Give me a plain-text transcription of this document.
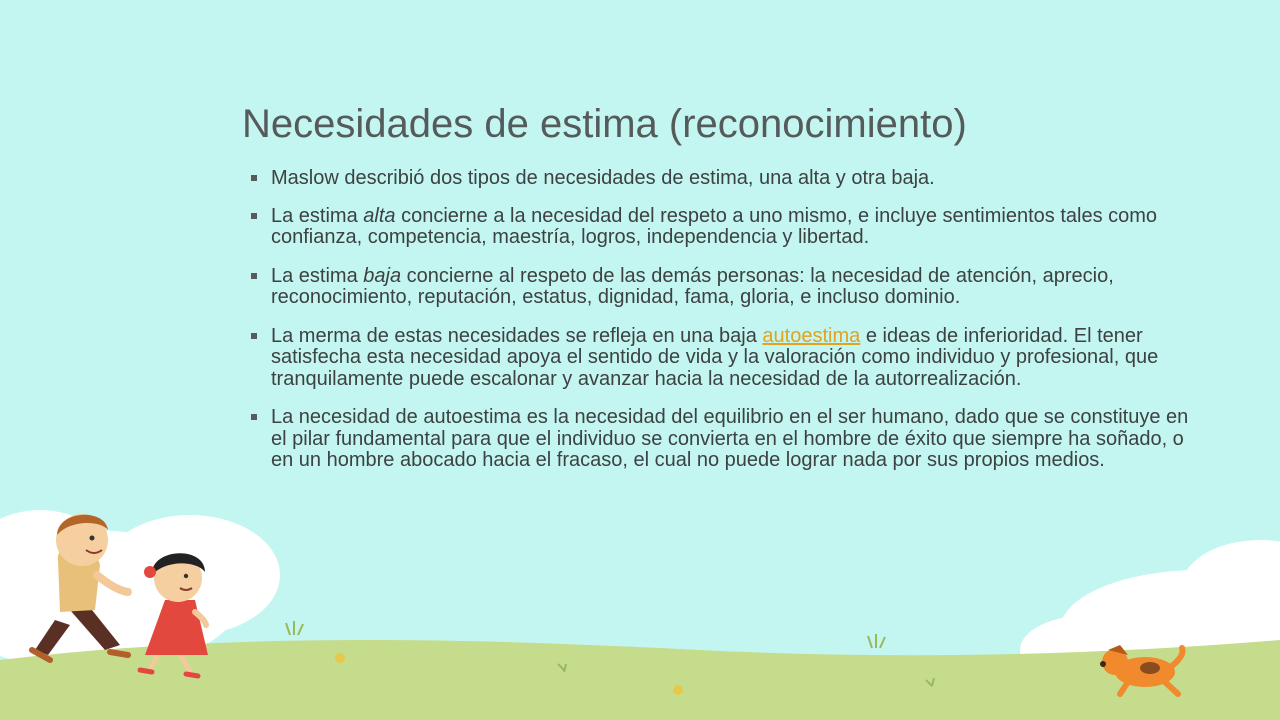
Necesidades de estima (reconocimiento)
Maslow describió dos tipos de necesidades de estima, una alta y otra baja.
La estima alta concierne a la necesidad del respeto a uno mismo, e incluye sentimientos tales como confianza, competencia, maestría, logros, independencia y libertad.
La estima baja concierne al respeto de las demás personas: la necesidad de atención, aprecio, reconocimiento, reputación, estatus, dignidad, fama, gloria, e incluso dominio.
La merma de estas necesidades se refleja en una baja autoestima e ideas de inferioridad. El tener satisfecha esta necesidad apoya el sentido de vida y la valoración como individuo y profesional, que tranquilamente puede escalonar y avanzar hacia la necesidad de la autorrealización.
La necesidad de autoestima es la necesidad del equilibrio en el ser humano, dado que se constituye en el pilar fundamental para que el individuo se convierta en el hombre de éxito que siempre ha soñado, o en un hombre abocado hacia el fracaso, el cual no puede lograr nada por sus propios medios.
